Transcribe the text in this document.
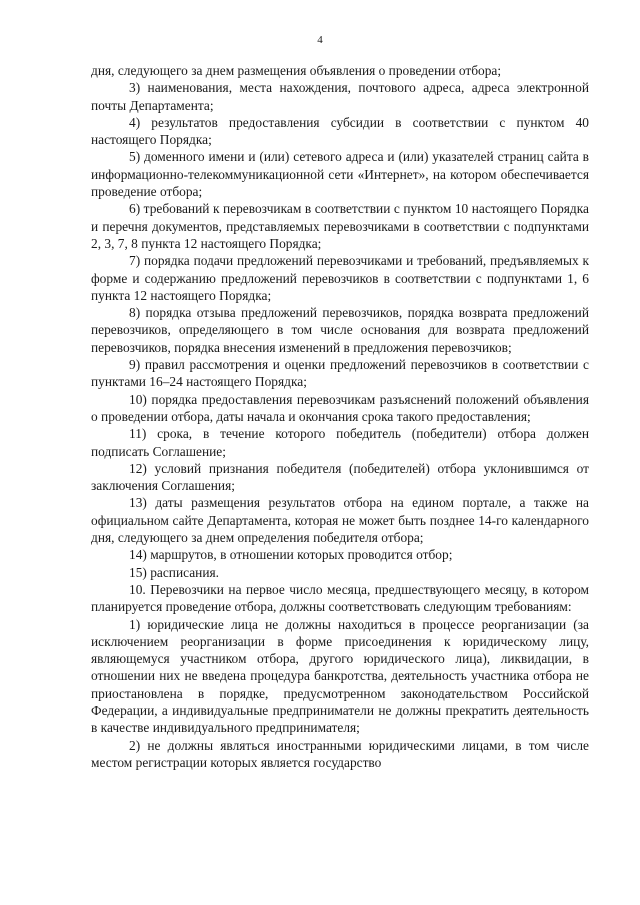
4

дня, следующего за днем размещения объявления о проведении отбора;

3) наименования, места нахождения, почтового адреса, адреса электронной почты Департамента;

4) результатов предоставления субсидии в соответствии с пунктом 40 настоящего Порядка;

5) доменного имени и (или) сетевого адреса и (или) указателей страниц сайта в информационно-телекоммуникационной сети «Интернет», на котором обеспечивается проведение отбора;

6) требований к перевозчикам в соответствии с пунктом 10 настоящего Порядка и перечня документов, представляемых перевозчиками в соответствии с подпунктами 2, 3, 7, 8 пункта 12 настоящего Порядка;

7) порядка подачи предложений перевозчиками и требований, предъявляемых к форме и содержанию предложений перевозчиков в соответствии с подпунктами 1, 6 пункта 12 настоящего Порядка;

8) порядка отзыва предложений перевозчиков, порядка возврата предложений перевозчиков, определяющего в том числе основания для возврата предложений перевозчиков, порядка внесения изменений в предложения перевозчиков;

9) правил рассмотрения и оценки предложений перевозчиков в соответствии с пунктами 16–24 настоящего Порядка;

10) порядка предоставления перевозчикам разъяснений положений объявления о проведении отбора, даты начала и окончания срока такого предоставления;

11) срока, в течение которого победитель (победители) отбора должен подписать Соглашение;

12) условий признания победителя (победителей) отбора уклонившимся от заключения Соглашения;

13) даты размещения результатов отбора на едином портале, а также на официальном сайте Департамента, которая не может быть позднее 14-го календарного дня, следующего за днем определения победителя отбора;

14) маршрутов, в отношении которых проводится отбор;

15) расписания.

10. Перевозчики на первое число месяца, предшествующего месяцу, в котором планируется проведение отбора, должны соответствовать следующим требованиям:

1) юридические лица не должны находиться в процессе реорганизации (за исключением реорганизации в форме присоединения к юридическому лицу, являющемуся участником отбора, другого юридического лица), ликвидации, в отношении них не введена процедура банкротства, деятельность участника отбора не приостановлена в порядке, предусмотренном законодательством Российской Федерации, а индивидуальные предприниматели не должны прекратить деятельность в качестве индивидуального предпринимателя;

2) не должны являться иностранными юридическими лицами, в том числе местом регистрации которых является государство
